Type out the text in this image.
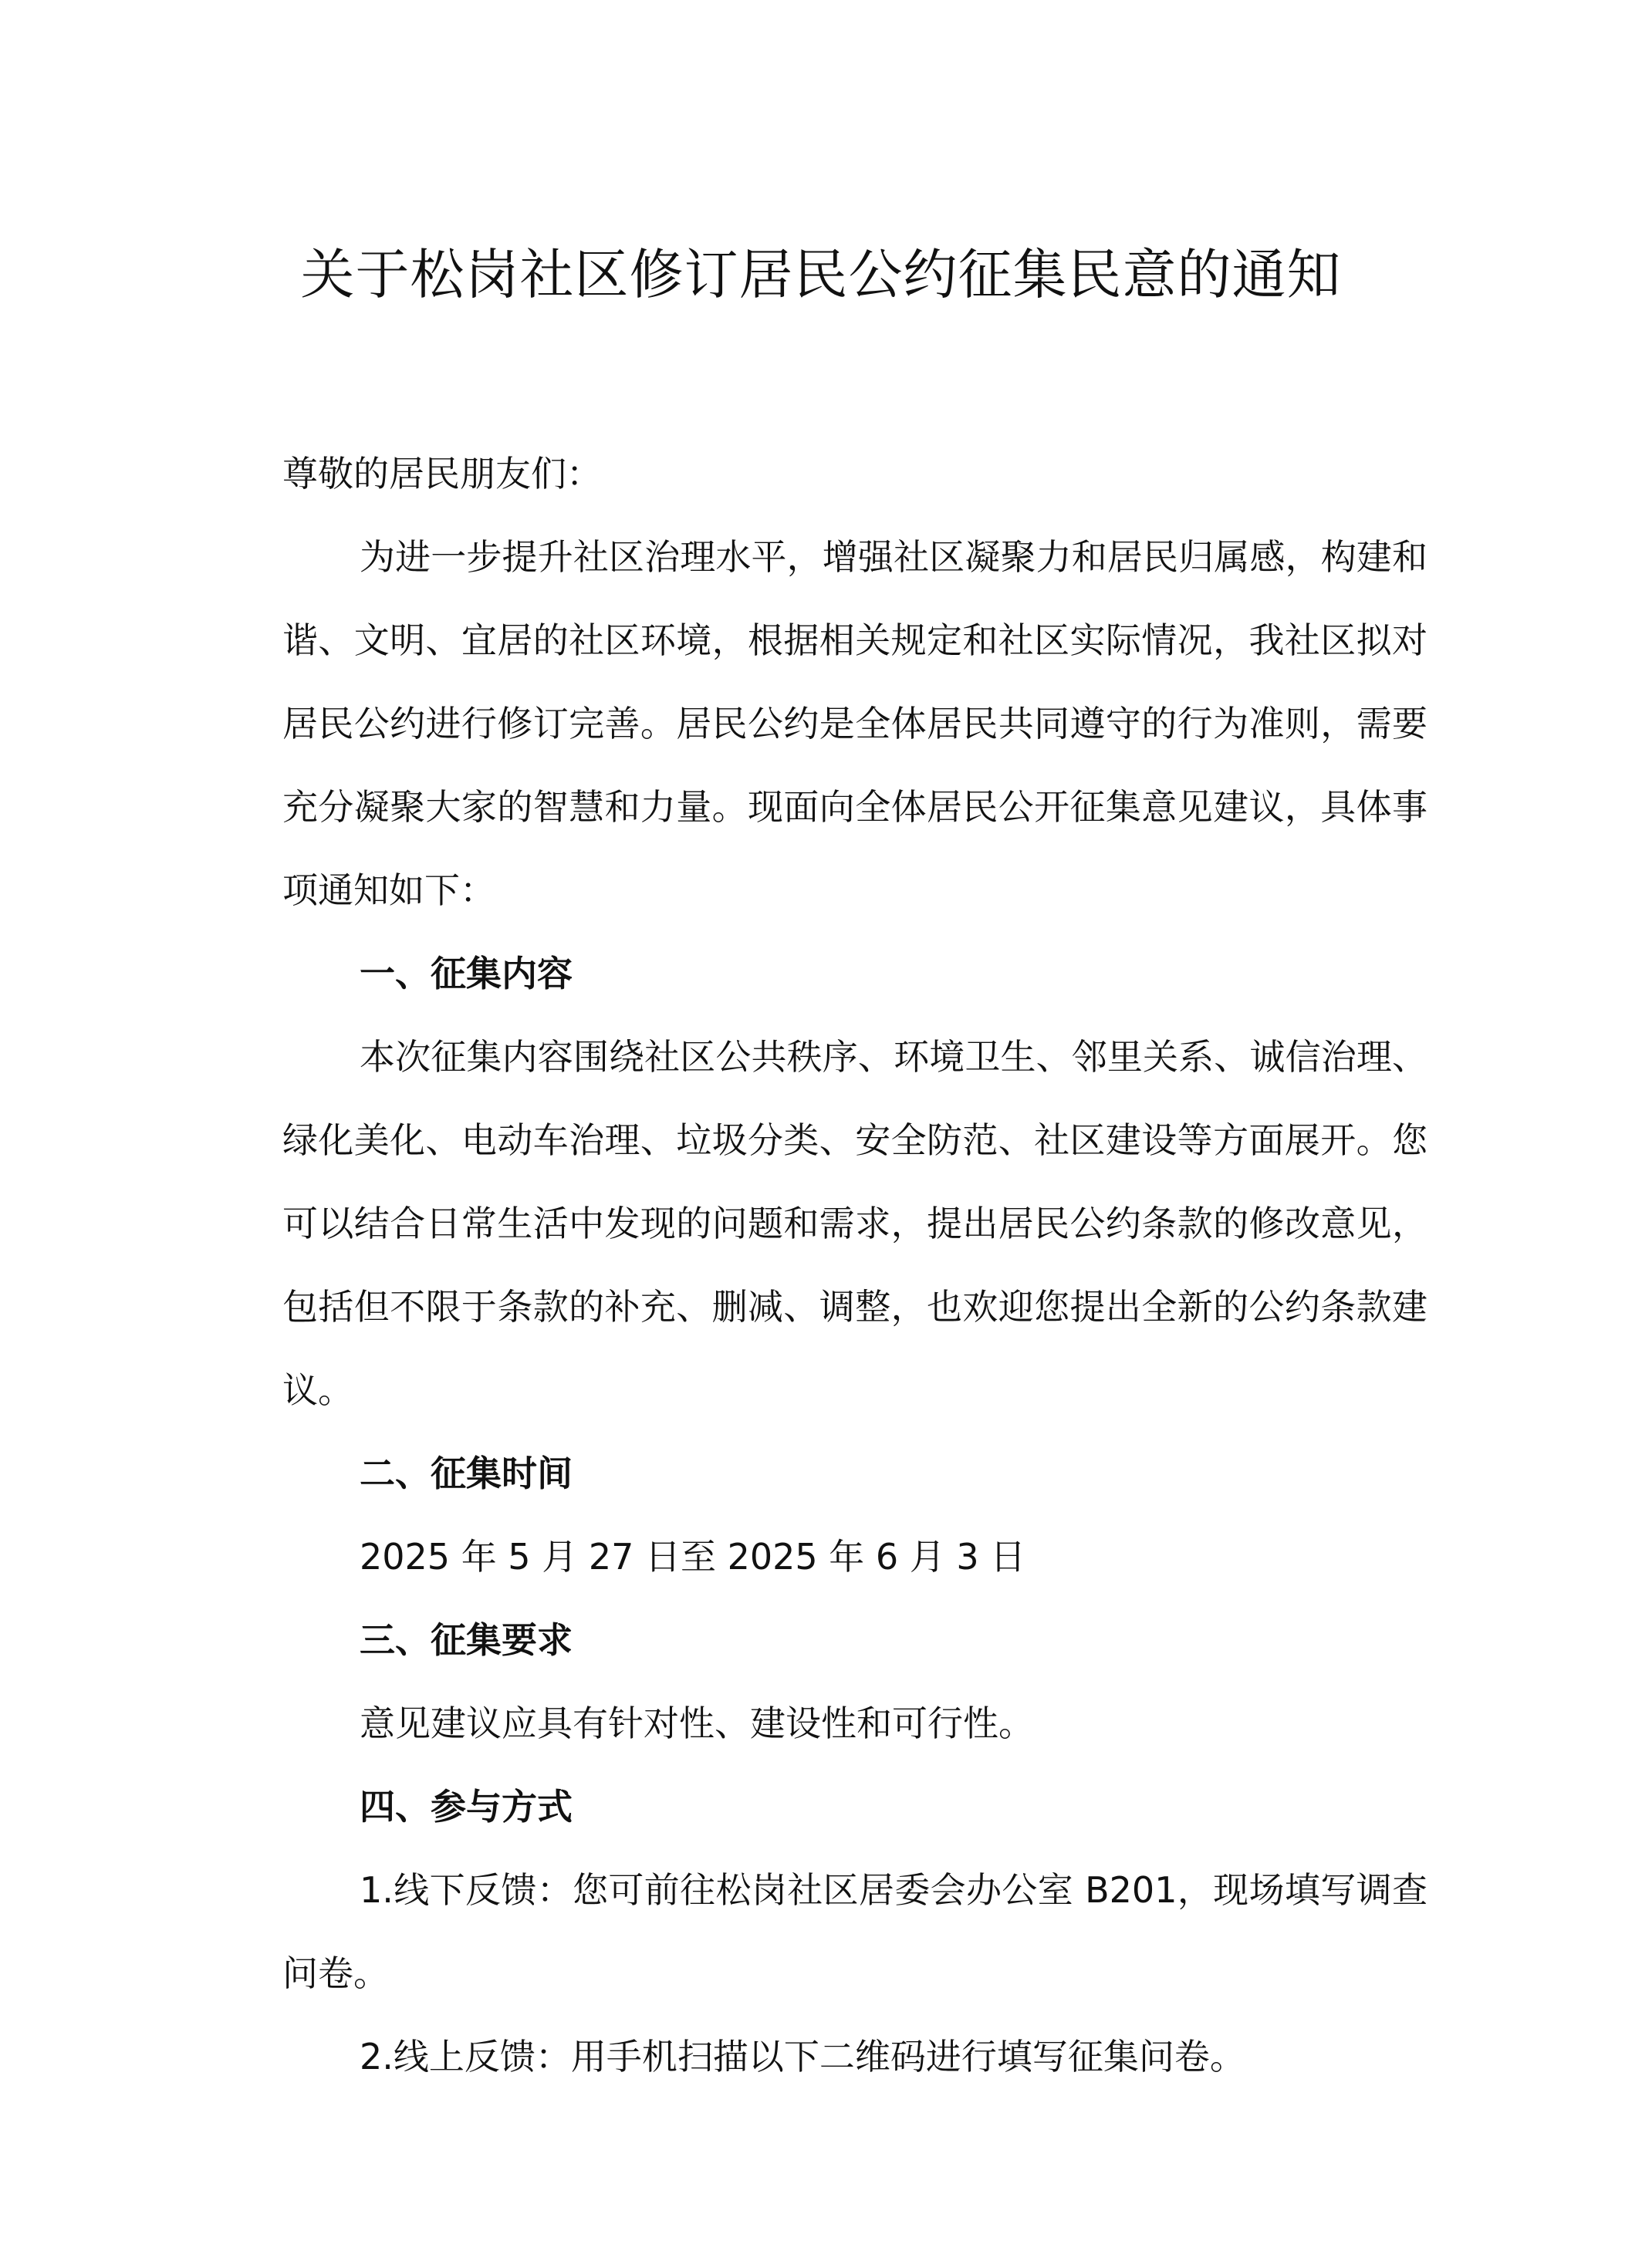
关于松岗社区修订居民公约征集民意的通知

尊敬的居民朋友们：

为进一步提升社区治理水平，增强社区凝聚力和居民归属感，构建和谐、文明、宜居的社区环境，根据相关规定和社区实际情况，我社区拟对居民公约进行修订完善。居民公约是全体居民共同遵守的行为准则，需要充分凝聚大家的智慧和力量。现面向全体居民公开征集意见建议，具体事项通知如下：

一、征集内容

本次征集内容围绕社区公共秩序、环境卫生、邻里关系、诚信治理、绿化美化、电动车治理、垃圾分类、安全防范、社区建设等方面展开。您可以结合日常生活中发现的问题和需求，提出居民公约条款的修改意见，包括但不限于条款的补充、删减、调整，也欢迎您提出全新的公约条款建议。

二、征集时间

2025 年 5 月 27 日至 2025 年 6 月 3 日

三、征集要求

意见建议应具有针对性、建设性和可行性。

四、参与方式

1.线下反馈：您可前往松岗社区居委会办公室 B201，现场填写调查问卷。

2.线上反馈：用手机扫描以下二维码进行填写征集问卷。
